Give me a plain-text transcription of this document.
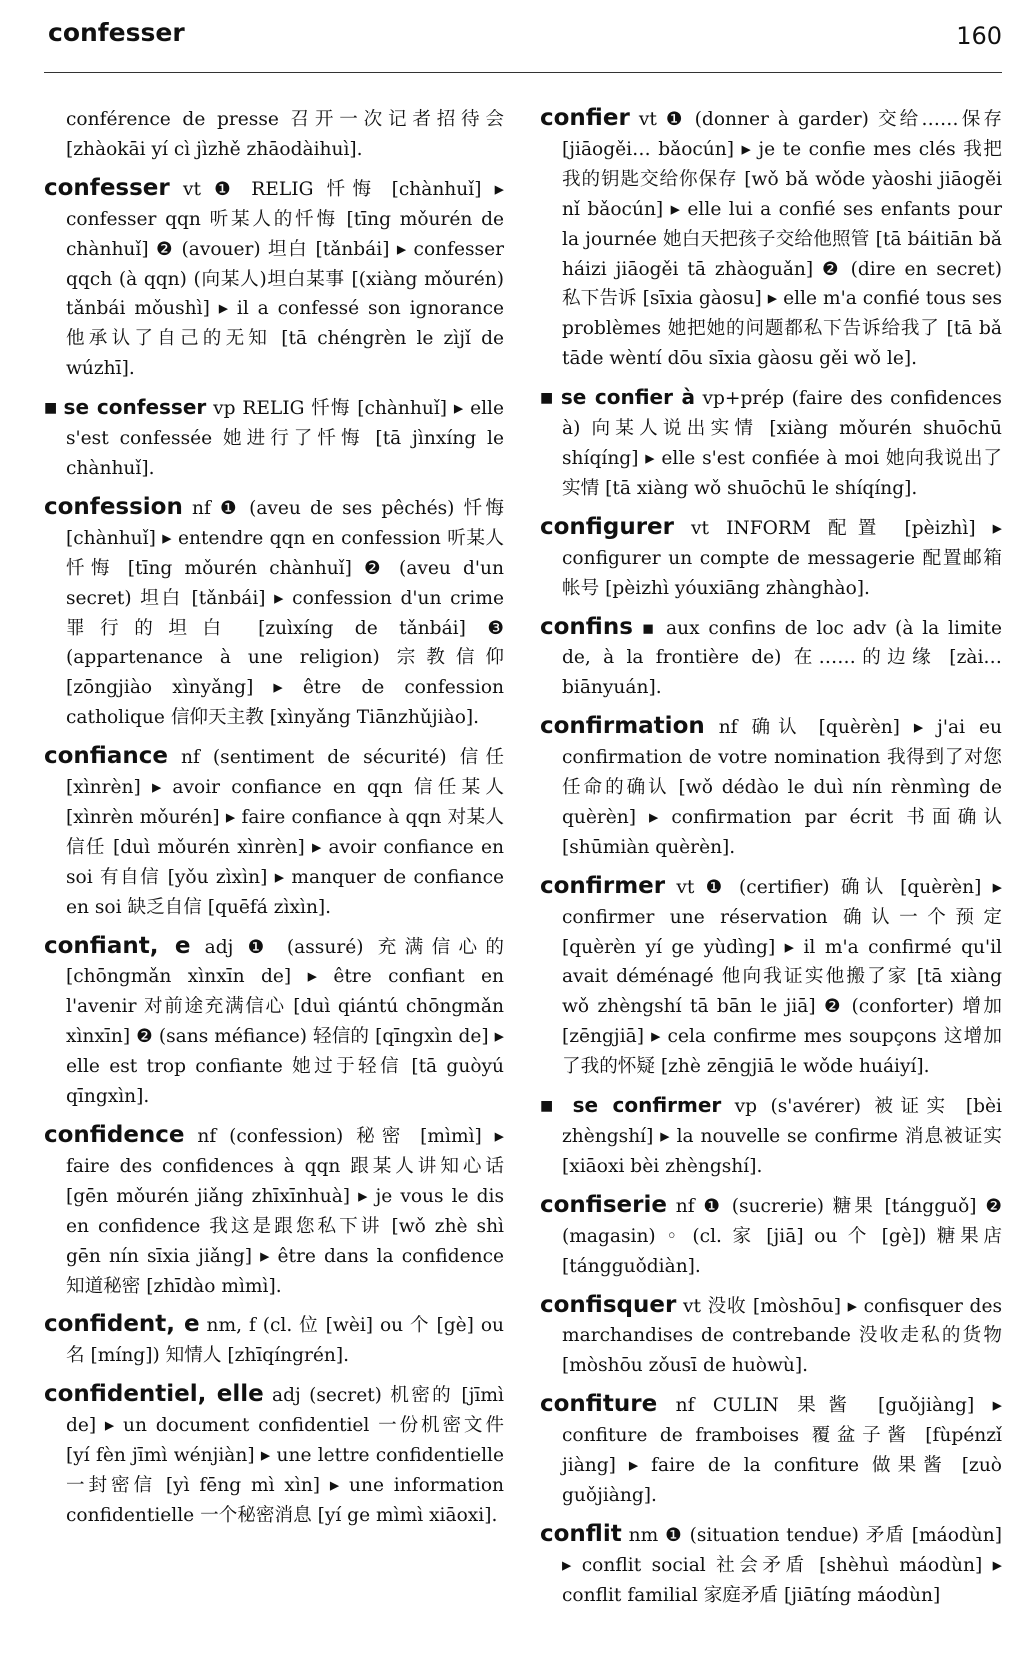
confesser	160

conférence de presse 召开一次记者招待会 [zhàokāi yí cì jìzhě zhāodàihuì].

confesser vt ❶ RELIG 忏悔 [chànhuǐ] ▸ confesser qqn 听某人的忏悔 [tīng mǒurén de chànhuǐ] ❷ (avouer) 坦白 [tǎnbái] ▸ confesser qqch (à qqn) (向某人)坦白某事 [(xiàng mǒurén) tǎnbái mǒushì] ▸ il a confessé son ignorance 他承认了自己的无知 [tā chéngrèn le zìjǐ de wúzhī].

■ se confesser vp RELIG 忏悔 [chànhuǐ] ▸ elle s'est confessée 她进行了忏悔 [tā jìnxíng le chànhuǐ].

confession nf ❶ (aveu de ses pêchés) 忏悔 [chànhuǐ] ▸ entendre qqn en confession 听某人忏悔 [tīng mǒurén chànhuǐ] ❷ (aveu d'un secret) 坦白 [tǎnbái] ▸ confession d'un crime 罪行的坦白 [zuìxíng de tǎnbái] ❸ (appartenance à une religion) 宗教信仰 [zōngjiào xìnyǎng] ▸ être de confession catholique 信仰天主教 [xìnyǎng Tiānzhǔjiào].

confiance nf (sentiment de sécurité) 信任 [xìnrèn] ▸ avoir confiance en qqn 信任某人 [xìnrèn mǒurén] ▸ faire confiance à qqn 对某人信任 [duì mǒurén xìnrèn] ▸ avoir confiance en soi 有自信 [yǒu zìxìn] ▸ manquer de confiance en soi 缺乏自信 [quēfá zìxìn].

confiant, e adj ❶ (assuré) 充满信心的 [chōngmǎn xìnxīn de] ▸ être confiant en l'avenir 对前途充满信心 [duì qiántú chōngmǎn xìnxīn] ❷ (sans méfiance) 轻信的 [qīngxìn de] ▸ elle est trop confiante 她过于轻信 [tā guòyú qīngxìn].

confidence nf (confession) 秘密 [mìmì] ▸ faire des confidences à qqn 跟某人讲知心话 [gēn mǒurén jiǎng zhīxīnhuà] ▸ je vous le dis en confidence 我这是跟您私下讲 [wǒ zhè shì gēn nín sīxia jiǎng] ▸ être dans la confidence 知道秘密 [zhīdào mìmì].

confident, e nm, f (cl. 位 [wèi] ou 个 [gè] ou 名 [míng]) 知情人 [zhīqíngrén].

confidentiel, elle adj (secret) 机密的 [jīmì de] ▸ un document confidentiel 一份机密文件 [yí fèn jīmì wénjiàn] ▸ une lettre confidentielle 一封密信 [yì fēng mì xìn] ▸ une information confidentielle 一个秘密消息 [yí ge mìmì xiāoxi].

confier vt ❶ (donner à garder) 交给……保存 [jiāogěi… bǎocún] ▸ je te confie mes clés 我把我的钥匙交给你保存 [wǒ bǎ wǒde yàoshi jiāogěi nǐ bǎocún] ▸ elle lui a confié ses enfants pour la journée 她白天把孩子交给他照管 [tā báitiān bǎ háizi jiāogěi tā zhàoguǎn] ❷ (dire en secret) 私下告诉 [sīxia gàosu] ▸ elle m'a confié tous ses problèmes 她把她的问题都私下告诉给我了 [tā bǎ tāde wèntí dōu sīxia gàosu gěi wǒ le].

■ se confier à vp+prép (faire des confidences à) 向某人说出实情 [xiàng mǒurén shuōchū shíqíng] ▸ elle s'est confiée à moi 她向我说出了实情 [tā xiàng wǒ shuōchū le shíqíng].

configurer vt INFORM 配置 [pèizhì] ▸ configurer un compte de messagerie 配置邮箱帐号 [pèizhì yóuxiāng zhànghào].

confins ▪ aux confins de loc adv (à la limite de, à la frontière de) 在……的边缘 [zài… biānyuán].

confirmation nf 确认 [quèrèn] ▸ j'ai eu confirmation de votre nomination 我得到了对您任命的确认 [wǒ dédào le duì nín rènmìng de quèrèn] ▸ confirmation par écrit 书面确认 [shūmiàn quèrèn].

confirmer vt ❶ (certifier) 确认 [quèrèn] ▸ confirmer une réservation 确认一个预定 [quèrèn yí ge yùdìng] ▸ il m'a confirmé qu'il avait déménagé 他向我证实他搬了家 [tā xiàng wǒ zhèngshí tā bān le jiā] ❷ (conforter) 增加 [zēngjiā] ▸ cela confirme mes soupçons 这增加了我的怀疑 [zhè zēngjiā le wǒde huáiyí].

■ se confirmer vp (s'avérer) 被证实 [bèi zhèngshí] ▸ la nouvelle se confirme 消息被证实 [xiāoxi bèi zhèngshí].

confiserie nf ❶ (sucrerie) 糖果 [tángguǒ] ❷ (magasin) ◦ (cl. 家 [jiā] ou 个 [gè]) 糖果店 [tángguǒdiàn].

confisquer vt 没收 [mòshōu] ▸ confisquer des marchandises de contrebande 没收走私的货物 [mòshōu zǒusī de huòwù].

confiture nf CULIN 果酱 [guǒjiàng] ▸ confiture de framboises 覆盆子酱 [fùpénzǐ jiàng] ▸ faire de la confiture 做果酱 [zuò guǒjiàng].

conflit nm ❶ (situation tendue) 矛盾 [máodùn] ▸ conflit social 社会矛盾 [shèhuì máodùn] ▸ conflit familial 家庭矛盾 [jiātíng máodùn]
